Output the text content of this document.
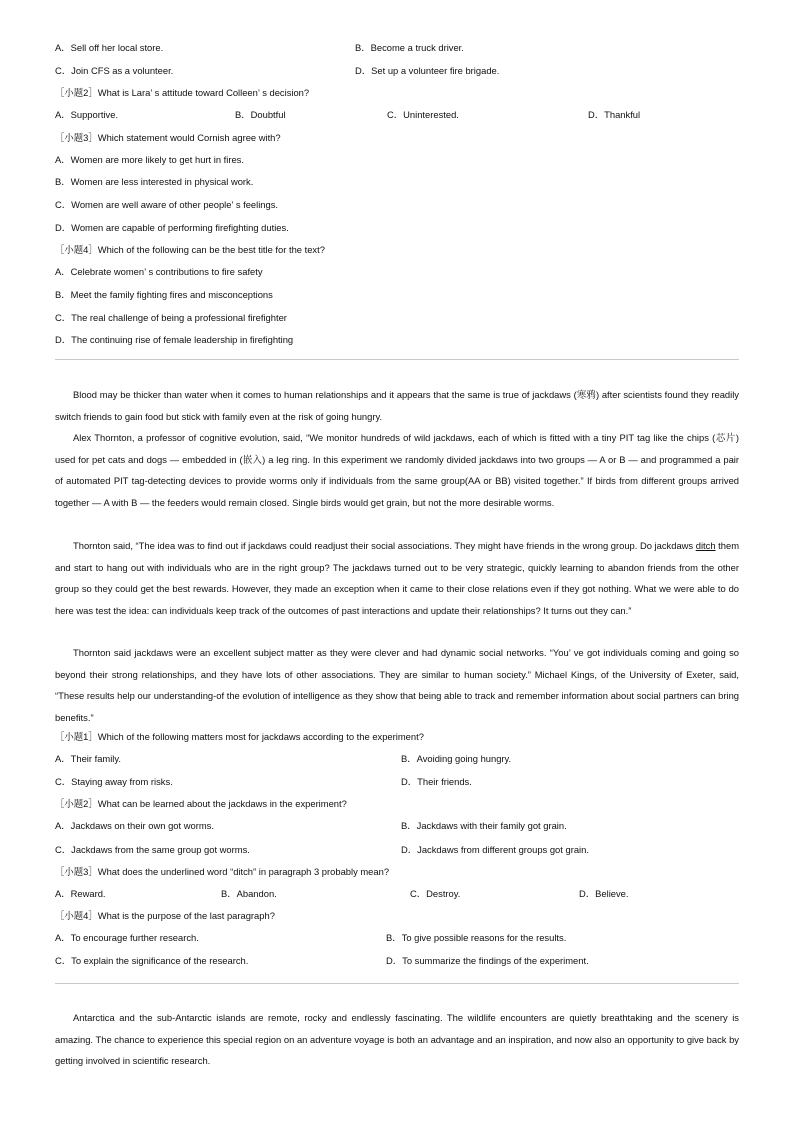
A．Sell off her local store.	B．Become a truck driver.
C．Join CFS as a volunteer.	D．Set up a volunteer fire brigade.
［小题2］What is Lara’ s attitude toward Colleen’ s decision?
A．Supportive.	B．Doubtful	C．Uninterested.	D．Thankful
［小题3］Which statement would Cornish agree with?
A．Women are more likely to get hurt in fires.
B．Women are less interested in physical work.
C．Women are well aware of other people’ s feelings.
D．Women are capable of performing firefighting duties.
［小题4］Which of the following can be the best title for the text?
A．Celebrate women’ s contributions to fire safety
B．Meet the family fighting fires and misconceptions
C．The real challenge of being a professional firefighter
D．The continuing rise of female leadership in firefighting
Blood may be thicker than water when it comes to human relationships and it appears that the same is true of jackdaws (寒鸦) after scientists found they readily switch friends to gain food but stick with family even at the risk of going hungry.
Alex Thornton, a professor of cognitive evolution, said, “We monitor hundreds of wild jackdaws, each of which is fitted with a tiny PIT tag like the chips (芯片) used for pet cats and dogs — embedded in (嵌入) a leg ring. In this experiment we randomly divided jackdaws into two groups — A or B — and programmed a pair of automated PIT tag-detecting devices to provide worms only if individuals from the same group(AA or BB) visited together.” If birds from different groups arrived together — A with B — the feeders would remain closed. Single birds would get grain, but not the more desirable worms.
Thornton said, “The idea was to find out if jackdaws could readjust their social associations. They might have friends in the wrong group. Do jackdaws ditch them and start to hang out with individuals who are in the right group? The jackdaws turned out to be very strategic, quickly learning to abandon friends from the other group so they could get the best rewards. However, they made an exception when it came to their close relations even if they got nothing. What we were able to do here was test the idea: can individuals keep track of the outcomes of past interactions and update their relationships? It turns out they can.”
Thornton said jackdaws were an excellent subject matter as they were clever and had dynamic social networks. “You’ ve got individuals coming and going so beyond their strong relationships, and they have lots of other associations. They are similar to human society.” Michael Kings, of the University of Exeter, said, “These results help our understanding-of the evolution of intelligence as they show that being able to track and remember information about social partners can bring benefits.”
［小题1］Which of the following matters most for jackdaws according to the experiment?
A．Their family.	B．Avoiding going hungry.
C．Staying away from risks.	D．Their friends.
［小题2］What can be learned about the jackdaws in the experiment?
A．Jackdaws on their own got worms.	B．Jackdaws with their family got grain.
C．Jackdaws from the same group got worms.	D．Jackdaws from different groups got grain.
［小题3］What does the underlined word “ditch” in paragraph 3 probably mean?
A．Reward.	B．Abandon.	C．Destroy.	D．Believe.
［小题4］What is the purpose of the last paragraph?
A．To encourage further research.	B．To give possible reasons for the results.
C．To explain the significance of the research.	D．To summarize the findings of the experiment.
Antarctica and the sub-Antarctic islands are remote, rocky and endlessly fascinating. The wildlife encounters are quietly breathtaking and the scenery is amazing. The chance to experience this special region on an adventure voyage is both an advantage and an inspiration, and now also an opportunity to give back by getting involved in scientific research.
